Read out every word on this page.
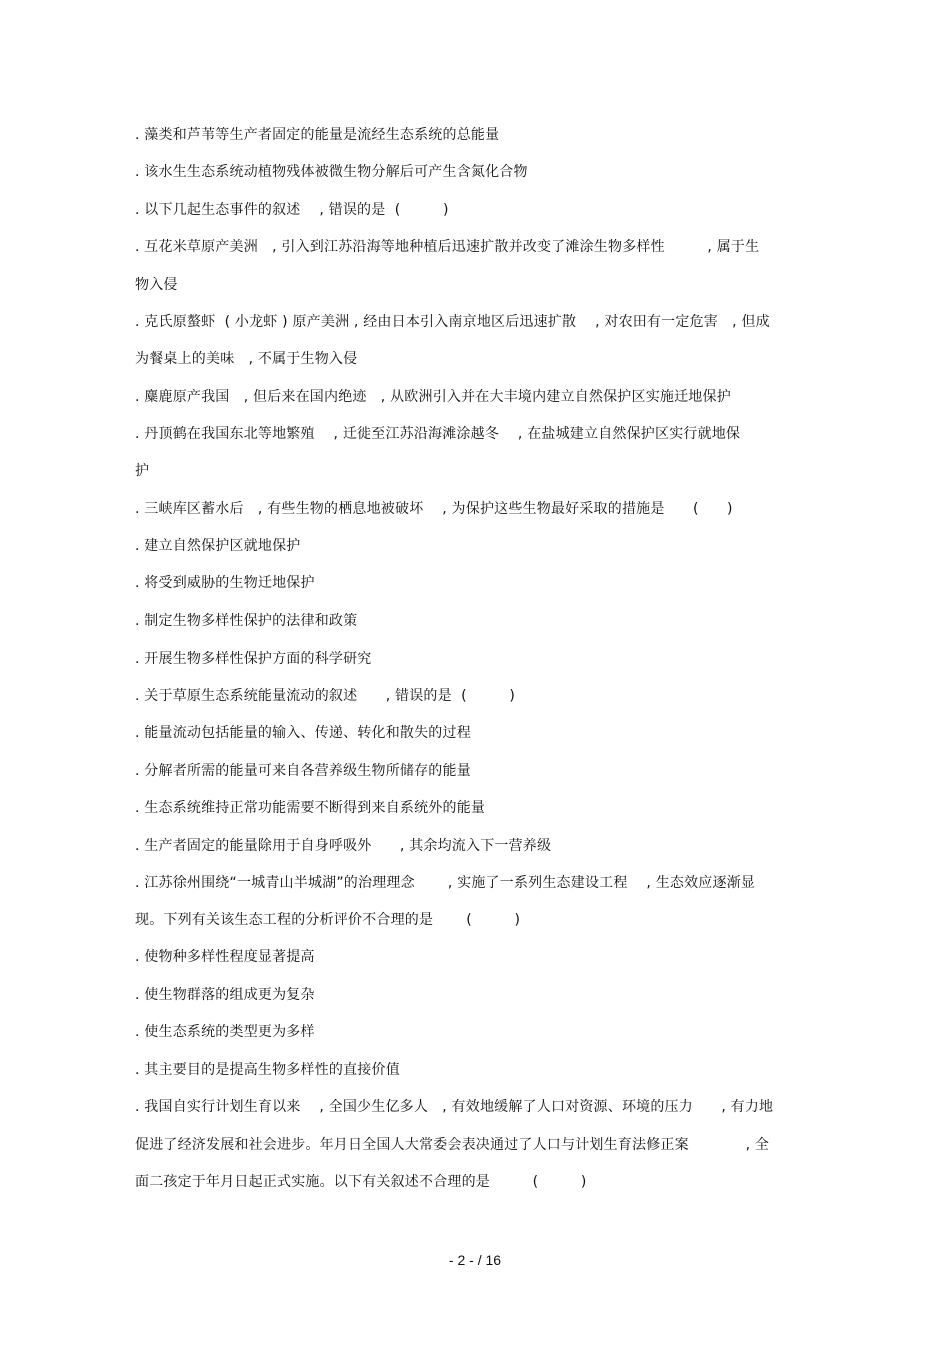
. 藻类和芦苇等生产者固定的能量是流经生态系统的总能量
. 该水生生态系统动植物残体被微生物分解后可产生含氮化合物
. 以下几起生态事件的叙述　 , 错误的是  (　　　)
. 互花米草原产美洲　, 引入到江苏沿海等地种植后迅速扩散并改变了滩涂生物多样性　　　, 属于生
物入侵
. 克氏原螯虾  ( 小龙虾 ) 原产美洲 , 经由日本引入南京地区后迅速扩散　 , 对农田有一定危害　, 但成
为餐桌上的美味　, 不属于生物入侵
. 麋鹿原产我国　, 但后来在国内绝迹　, 从欧洲引入并在大丰境内建立自然保护区实施迁地保护
. 丹顶鹤在我国东北等地繁殖　 , 迁徙至江苏沿海滩涂越冬　 , 在盐城建立自然保护区实行就地保
护
. 三峡库区蓄水后　, 有些生物的栖息地被破坏　 , 为保护这些生物最好采取的措施是　　(　　)
. 建立自然保护区就地保护
. 将受到威胁的生物迁地保护
. 制定生物多样性保护的法律和政策
. 开展生物多样性保护方面的科学研究
. 关于草原生态系统能量流动的叙述　　, 错误的是  (　　　)
. 能量流动包括能量的输入、传递、转化和散失的过程
. 分解者所需的能量可来自各营养级生物所储存的能量
. 生态系统维持正常功能需要不断得到来自系统外的能量
. 生产者固定的能量除用于自身呼吸外　　, 其余均流入下一营养级
. 江苏徐州围绕“一城青山半城湖”的治理理念　　 , 实施了一系列生态建设工程　 , 生态效应逐渐显
现。下列有关该生态工程的分析评价不合理的是　　 (　　　)
. 使物种多样性程度显著提高
. 使生物群落的组成更为复杂
. 使生态系统的类型更为多样
. 其主要目的是提高生物多样性的直接价值
. 我国自实行计划生育以来　 , 全国少生亿多人　, 有效地缓解了人口对资源、环境的压力　　, 有力地
促进了经济发展和社会进步。年月日全国人大常委会表决通过了人口与计划生育法修正案　　　　, 全
面二孩定于年月日起正式实施。以下有关叙述不合理的是　　　(　　　)
- 2 - / 16
